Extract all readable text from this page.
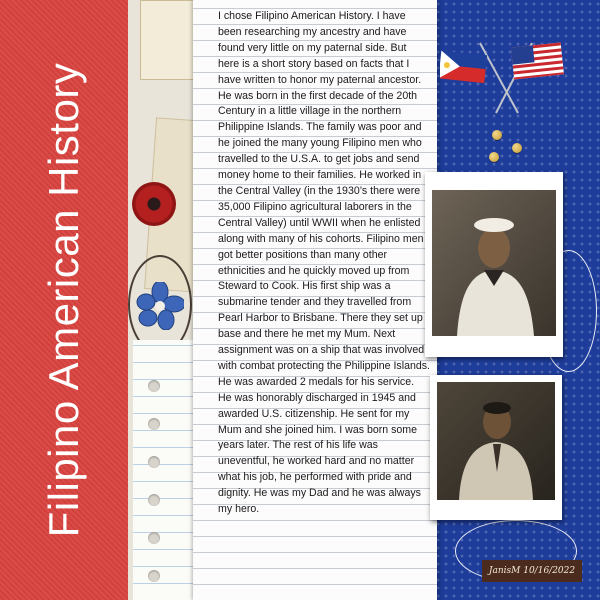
Filipino American History

I chose Filipino American History. I have been researching my ancestry and have found very little on my paternal side. But here is a short story based on facts that I have written to honor my paternal ancestor.
He was born in the first decade of the 20th Century in a little village in the northern Philippine Islands. The family was poor and he joined the many young Filipino men who travelled to the U.S.A. to get jobs and send money home to their families. He worked in the Central Valley (in the 1930’s there were 35,000 Filipino agricultural laborers in the Central Valley) until WWII when he enlisted along with many of his cohorts. Filipino men got better positions than many other ethnicities and he quickly moved up from Steward to Cook. His first ship was a submarine tender and they travelled from Pearl Harbor to Brisbane. There they set up base and there he met my Mum. Next assignment was on a ship that was involved with combat protecting the Philippine Islands. He was awarded 2 medals for his service. He was honorably discharged in 1945 and awarded U.S. citizenship. He sent for my Mum and she joined him. I was born some years later. The rest of his life was uneventful, he worked hard and no matter what his job, he performed with pride and dignity. He was my Dad and he was always my hero.

JanisM 10/16/2022
